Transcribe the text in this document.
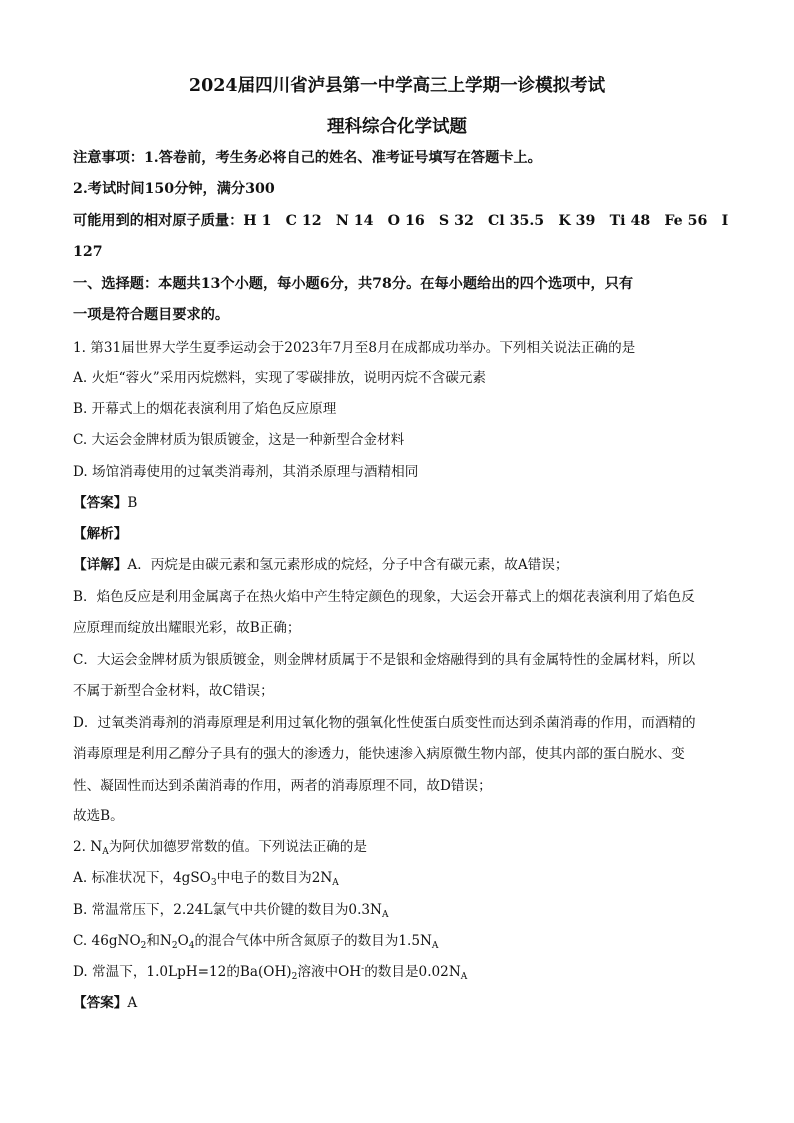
2024届四川省泸县第一中学高三上学期一诊模拟考试
理科综合化学试题
注意事项：1.答卷前，考生务必将自己的姓名、准考证号填写在答题卡上。
2.考试时间150分钟，满分300
可能用到的相对原子质量：H 1　C 12　N 14　O 16　S 32　Cl 35.5　K 39　Ti 48　Fe 56　I
127
一、选择题：本题共13个小题，每小题6分，共78分。在每小题给出的四个选项中，只有
一项是符合题目要求的。
1. 第31届世界大学生夏季运动会于2023年7月至8月在成都成功举办。下列相关说法正确的是
A. 火炬“蓉火”采用丙烷燃料，实现了零碳排放，说明丙烷不含碳元素
B. 开幕式上的烟花表演利用了焰色反应原理
C. 大运会金牌材质为银质镀金，这是一种新型合金材料
D. 场馆消毒使用的过氧类消毒剂，其消杀原理与酒精相同
【答案】B
【解析】
【详解】A．丙烷是由碳元素和氢元素形成的烷烃，分子中含有碳元素，故A错误；
B．焰色反应是利用金属离子在热火焰中产生特定颜色的现象，大运会开幕式上的烟花表演利用了焰色反
应原理而绽放出耀眼光彩，故B正确；
C．大运会金牌材质为银质镀金，则金牌材质属于不是银和金熔融得到的具有金属特性的金属材料，所以
不属于新型合金材料，故C错误；
D．过氧类消毒剂的消毒原理是利用过氧化物的强氧化性使蛋白质变性而达到杀菌消毒的作用，而酒精的
消毒原理是利用乙醇分子具有的强大的渗透力，能快速渗入病原微生物内部，使其内部的蛋白脱水、变
性、凝固性而达到杀菌消毒的作用，两者的消毒原理不同，故D错误；
故选B。
2. $N_A$为阿伏加德罗常数的值。下列说法正确的是
A. 标准状况下，4gSO$_3$中电子的数目为$2N_A$
B. 常温常压下，2.24L氯气中共价键的数目为$0.3N_A$
C. 46gNO$_2$和$N_2O_4$的混合气体中所含氮原子的数目为$1.5N_A$
D. 常温下，1.0LpH=12的$Ba(OH)_2$溶液中OH-的数目是$0.02N_A$
【答案】A
